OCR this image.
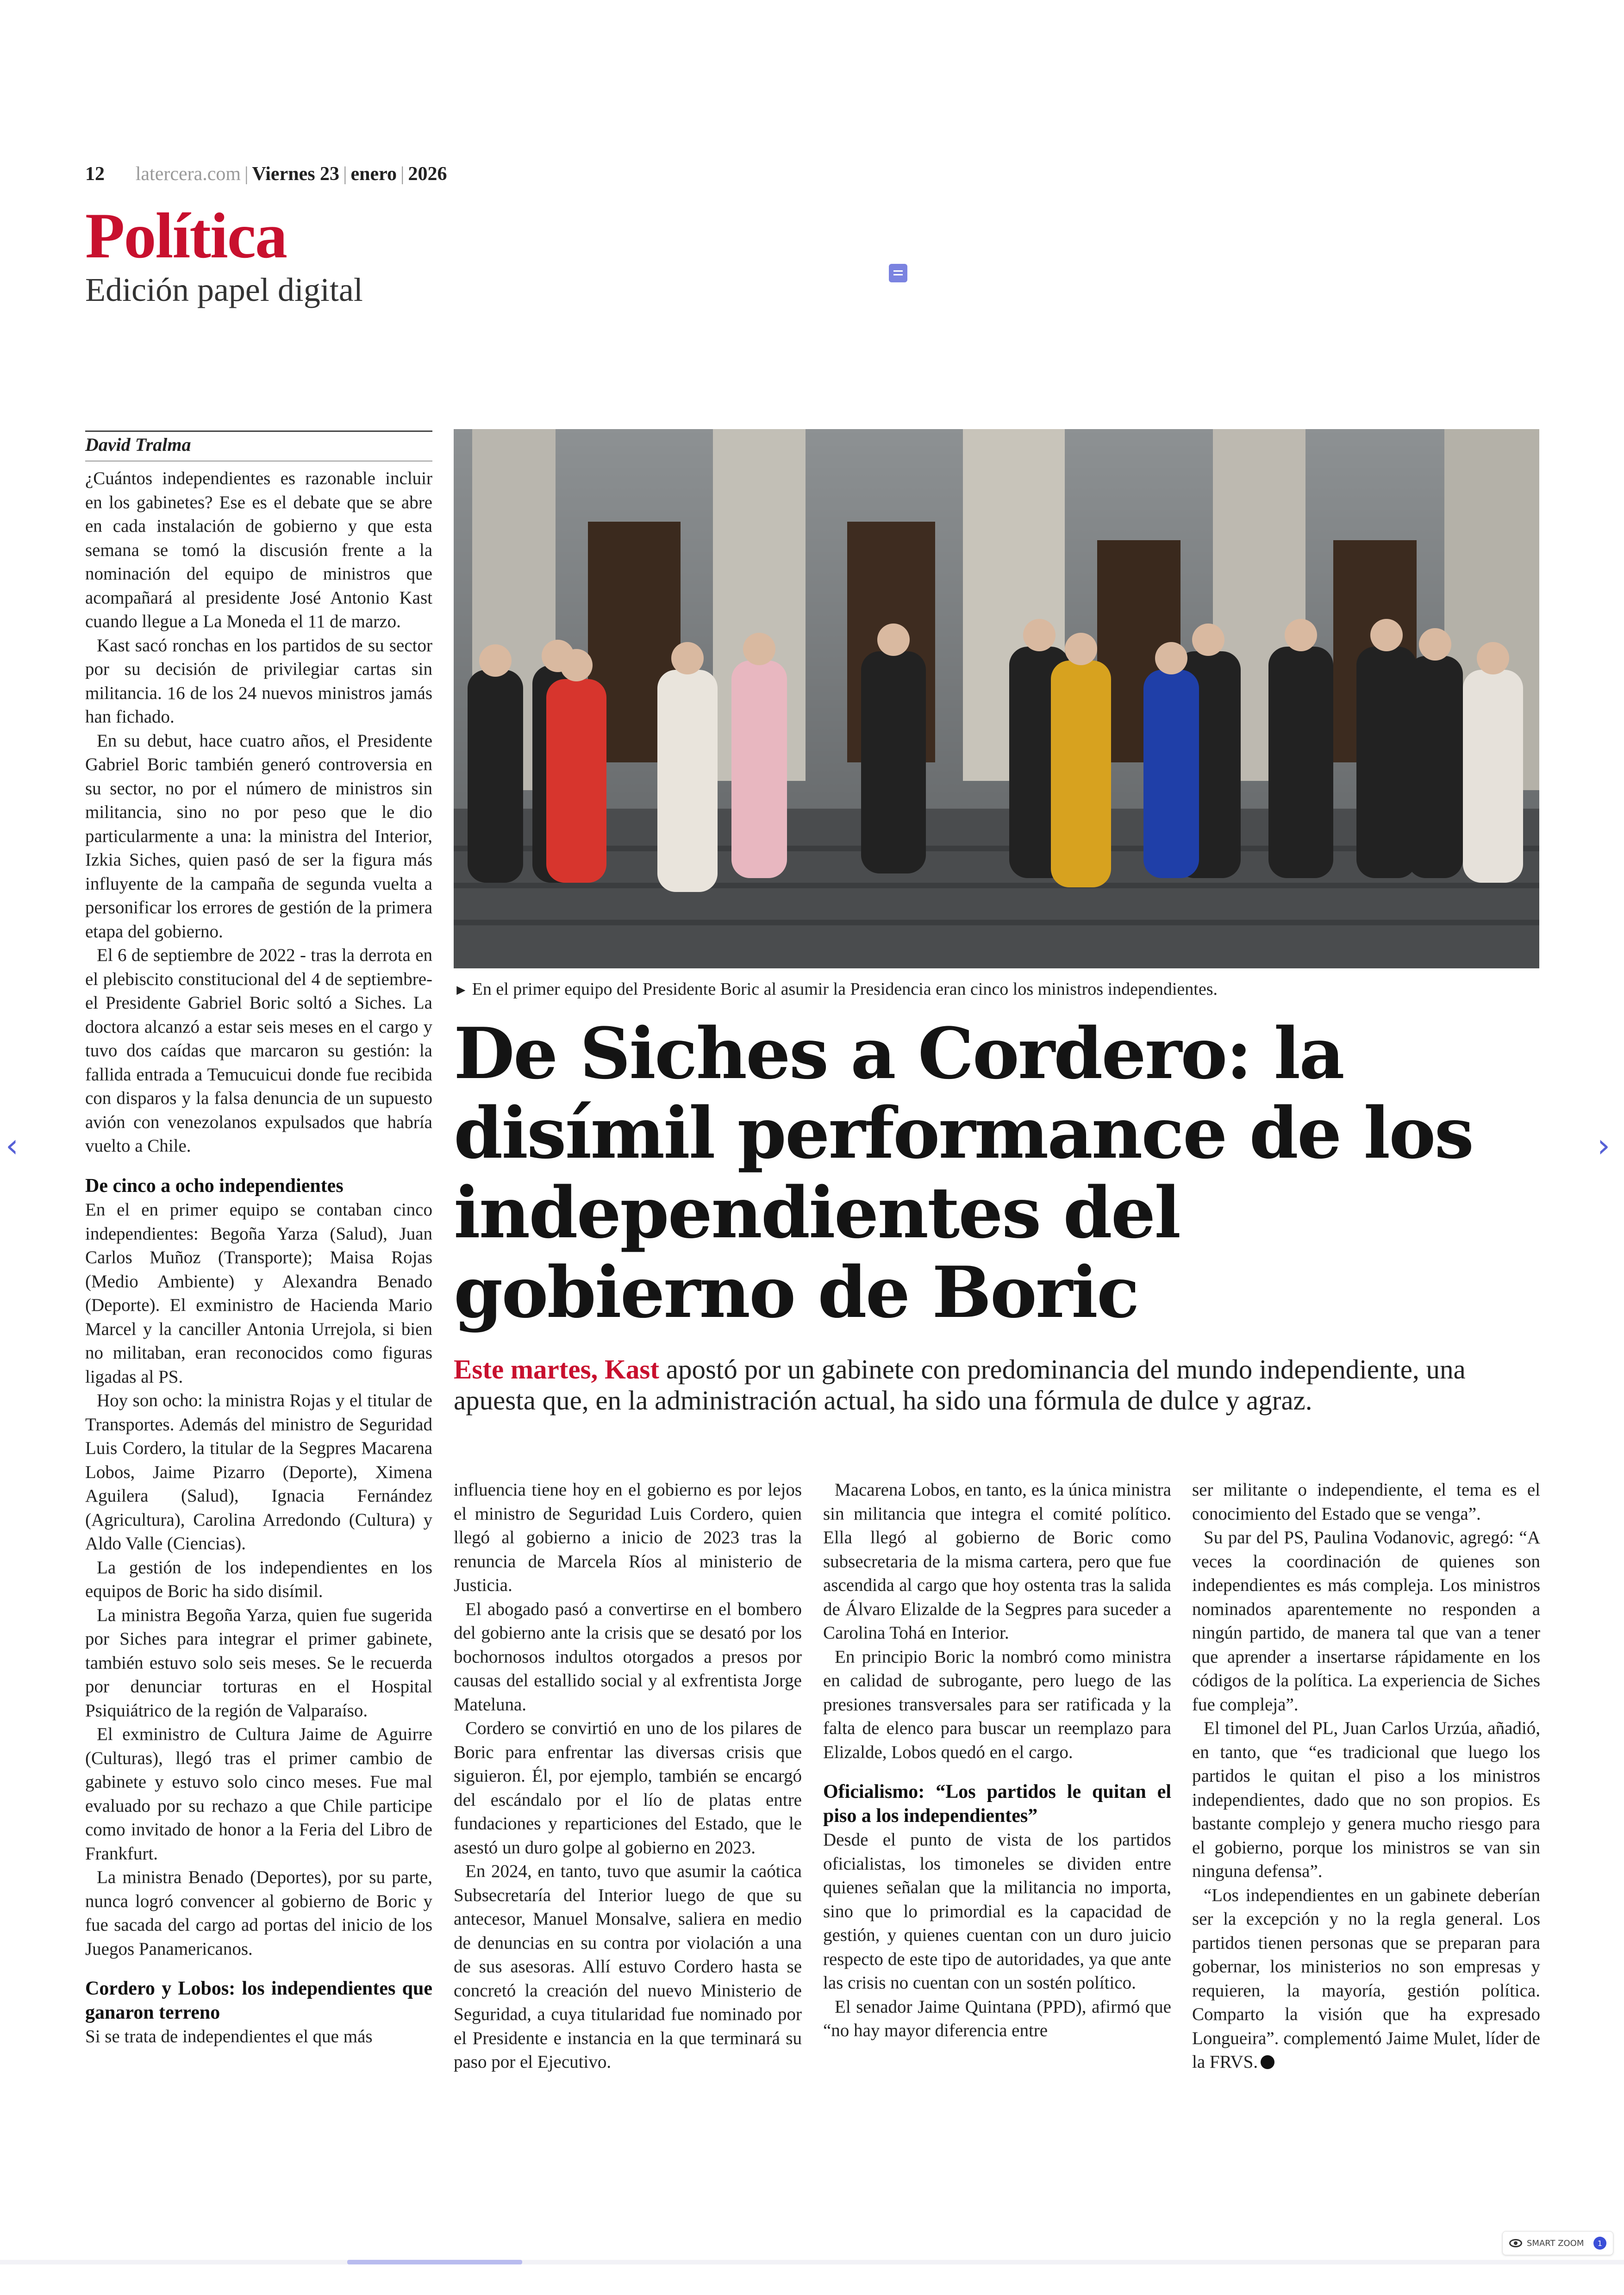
12 latercera.com | Viernes 23 | enero | 2026
Política
Edición papel digital
David Tralma

¿Cuántos independientes es razonable incluir en los gabinetes? Ese es el debate que se abre en cada instalación de gobierno y que esta semana se tomó la discusión frente a la nominación del equipo de ministros que acompañará al presidente José Antonio Kast cuando llegue a La Moneda el 11 de marzo.

Kast sacó ronchas en los partidos de su sector por su decisión de privilegiar cartas sin militancia. 16 de los 24 nuevos ministros jamás han fichado.

En su debut, hace cuatro años, el Presidente Gabriel Boric también generó controversia en su sector, no por el número de ministros sin militancia, sino no por peso que le dio particularmente a una: la ministra del Interior, Izkia Siches, quien pasó de ser la figura más influyente de la campaña de segunda vuelta a personificar los errores de gestión de la primera etapa del gobierno.

El 6 de septiembre de 2022 - tras la derrota en el plebiscito constitucional del 4 de septiembre- el Presidente Gabriel Boric soltó a Siches. La doctora alcanzó a estar seis meses en el cargo y tuvo dos caídas que marcaron su gestión: la fallida entrada a Temucuicui donde fue recibida con disparos y la falsa denuncia de un supuesto avión con venezolanos expulsados que habría vuelto a Chile.

De cinco a ocho independientes

En el en primer equipo se contaban cinco independientes: Begoña Yarza (Salud), Juan Carlos Muñoz (Transporte); Maisa Rojas (Medio Ambiente) y Alexandra Benado (Deporte). El exministro de Hacienda Mario Marcel y la canciller Antonia Urrejola, si bien no militaban, eran reconocidos como figuras ligadas al PS.

Hoy son ocho: la ministra Rojas y el titular de Transportes. Además del ministro de Seguridad Luis Cordero, la titular de la Segpres Macarena Lobos, Jaime Pizarro (Deporte), Ximena Aguilera (Salud), Ignacia Fernández (Agricultura), Carolina Arredondo (Cultura) y Aldo Valle (Ciencias).

La gestión de los independientes en los equipos de Boric ha sido disímil.

La ministra Begoña Yarza, quien fue sugerida por Siches para integrar el primer gabinete, también estuvo solo seis meses. Se le recuerda por denunciar torturas en el Hospital Psiquiátrico de la región de Valparaíso.

El exministro de Cultura Jaime de Aguirre (Culturas), llegó tras el primer cambio de gabinete y estuvo solo cinco meses. Fue mal evaluado por su rechazo a que Chile participe como invitado de honor a la Feria del Libro de Frankfurt.

La ministra Benado (Deportes), por su parte, nunca logró convencer al gobierno de Boric y fue sacada del cargo ad portas del inicio de los Juegos Panamericanos.

Cordero y Lobos: los independientes que ganaron terreno

Si se trata de independientes el que más

► En el primer equipo del Presidente Boric al asumir la Presidencia eran cinco los ministros independientes.
De Siches a Cordero: la disímil performance de los independientes del gobierno de Boric
Este martes, Kast apostó por un gabinete con predominancia del mundo independiente, una apuesta que, en la administración actual, ha sido una fórmula de dulce y agraz.

influencia tiene hoy en el gobierno es por lejos el ministro de Seguridad Luis Cordero, quien llegó al gobierno a inicio de 2023 tras la renuncia de Marcela Ríos al ministerio de Justicia.

El abogado pasó a convertirse en el bombero del gobierno ante la crisis que se desató por los bochornosos indultos otorgados a presos por causas del estallido social y al exfrentista Jorge Mateluna.

Cordero se convirtió en uno de los pilares de Boric para enfrentar las diversas crisis que siguieron. Él, por ejemplo, también se encargó del escándalo por el lío de platas entre fundaciones y reparticiones del Estado, que le asestó un duro golpe al gobierno en 2023.

En 2024, en tanto, tuvo que asumir la caótica Subsecretaría del Interior luego de que su antecesor, Manuel Monsalve, saliera en medio de denuncias en su contra por violación a una de sus asesoras. Allí estuvo Cordero hasta se concretó la creación del nuevo Ministerio de Seguridad, a cuya titularidad fue nominado por el Presidente e instancia en la que terminará su paso por el Ejecutivo.

Macarena Lobos, en tanto, es la única ministra sin militancia que integra el comité político. Ella llegó al gobierno de Boric como subsecretaria de la misma cartera, pero que fue ascendida al cargo que hoy ostenta tras la salida de Álvaro Elizalde de la Segpres para suceder a Carolina Tohá en Interior.

En principio Boric la nombró como ministra en calidad de subrogante, pero luego de las presiones transversales para ser ratificada y la falta de elenco para buscar un reemplazo para Elizalde, Lobos quedó en el cargo.

Oficialismo: “Los partidos le quitan el piso a los independientes”

Desde el punto de vista de los partidos oficialistas, los timoneles se dividen entre quienes señalan que la militancia no importa, sino que lo primordial es la capacidad de gestión, y quienes cuentan con un duro juicio respecto de este tipo de autoridades, ya que ante las crisis no cuentan con un sostén político.

El senador Jaime Quintana (PPD), afirmó que “no hay mayor diferencia entre

ser militante o independiente, el tema es el conocimiento del Estado que se venga”.

Su par del PS, Paulina Vodanovic, agregó: “A veces la coordinación de quienes son independientes es más compleja. Los ministros nominados aparentemente no responden a ningún partido, de manera tal que van a tener que aprender a insertarse rápidamente en los códigos de la política. La experiencia de Siches fue compleja”.

El timonel del PL, Juan Carlos Urzúa, añadió, en tanto, que “es tradicional que luego los partidos le quitan el piso a los ministros independientes, dado que no son propios. Es bastante complejo y genera mucho riesgo para el gobierno, porque los ministros se van sin ninguna defensa”.

“Los independientes en un gabinete deberían ser la excepción y no la regla general. Los partidos tienen personas que se preparan para gobernar, los ministerios no son empresas y requieren, la mayoría, gestión política. Comparto la visión que ha expresado Longueira”. complementó Jaime Mulet, líder de la FRVS.

‹	›
SMART ZOOM	1
